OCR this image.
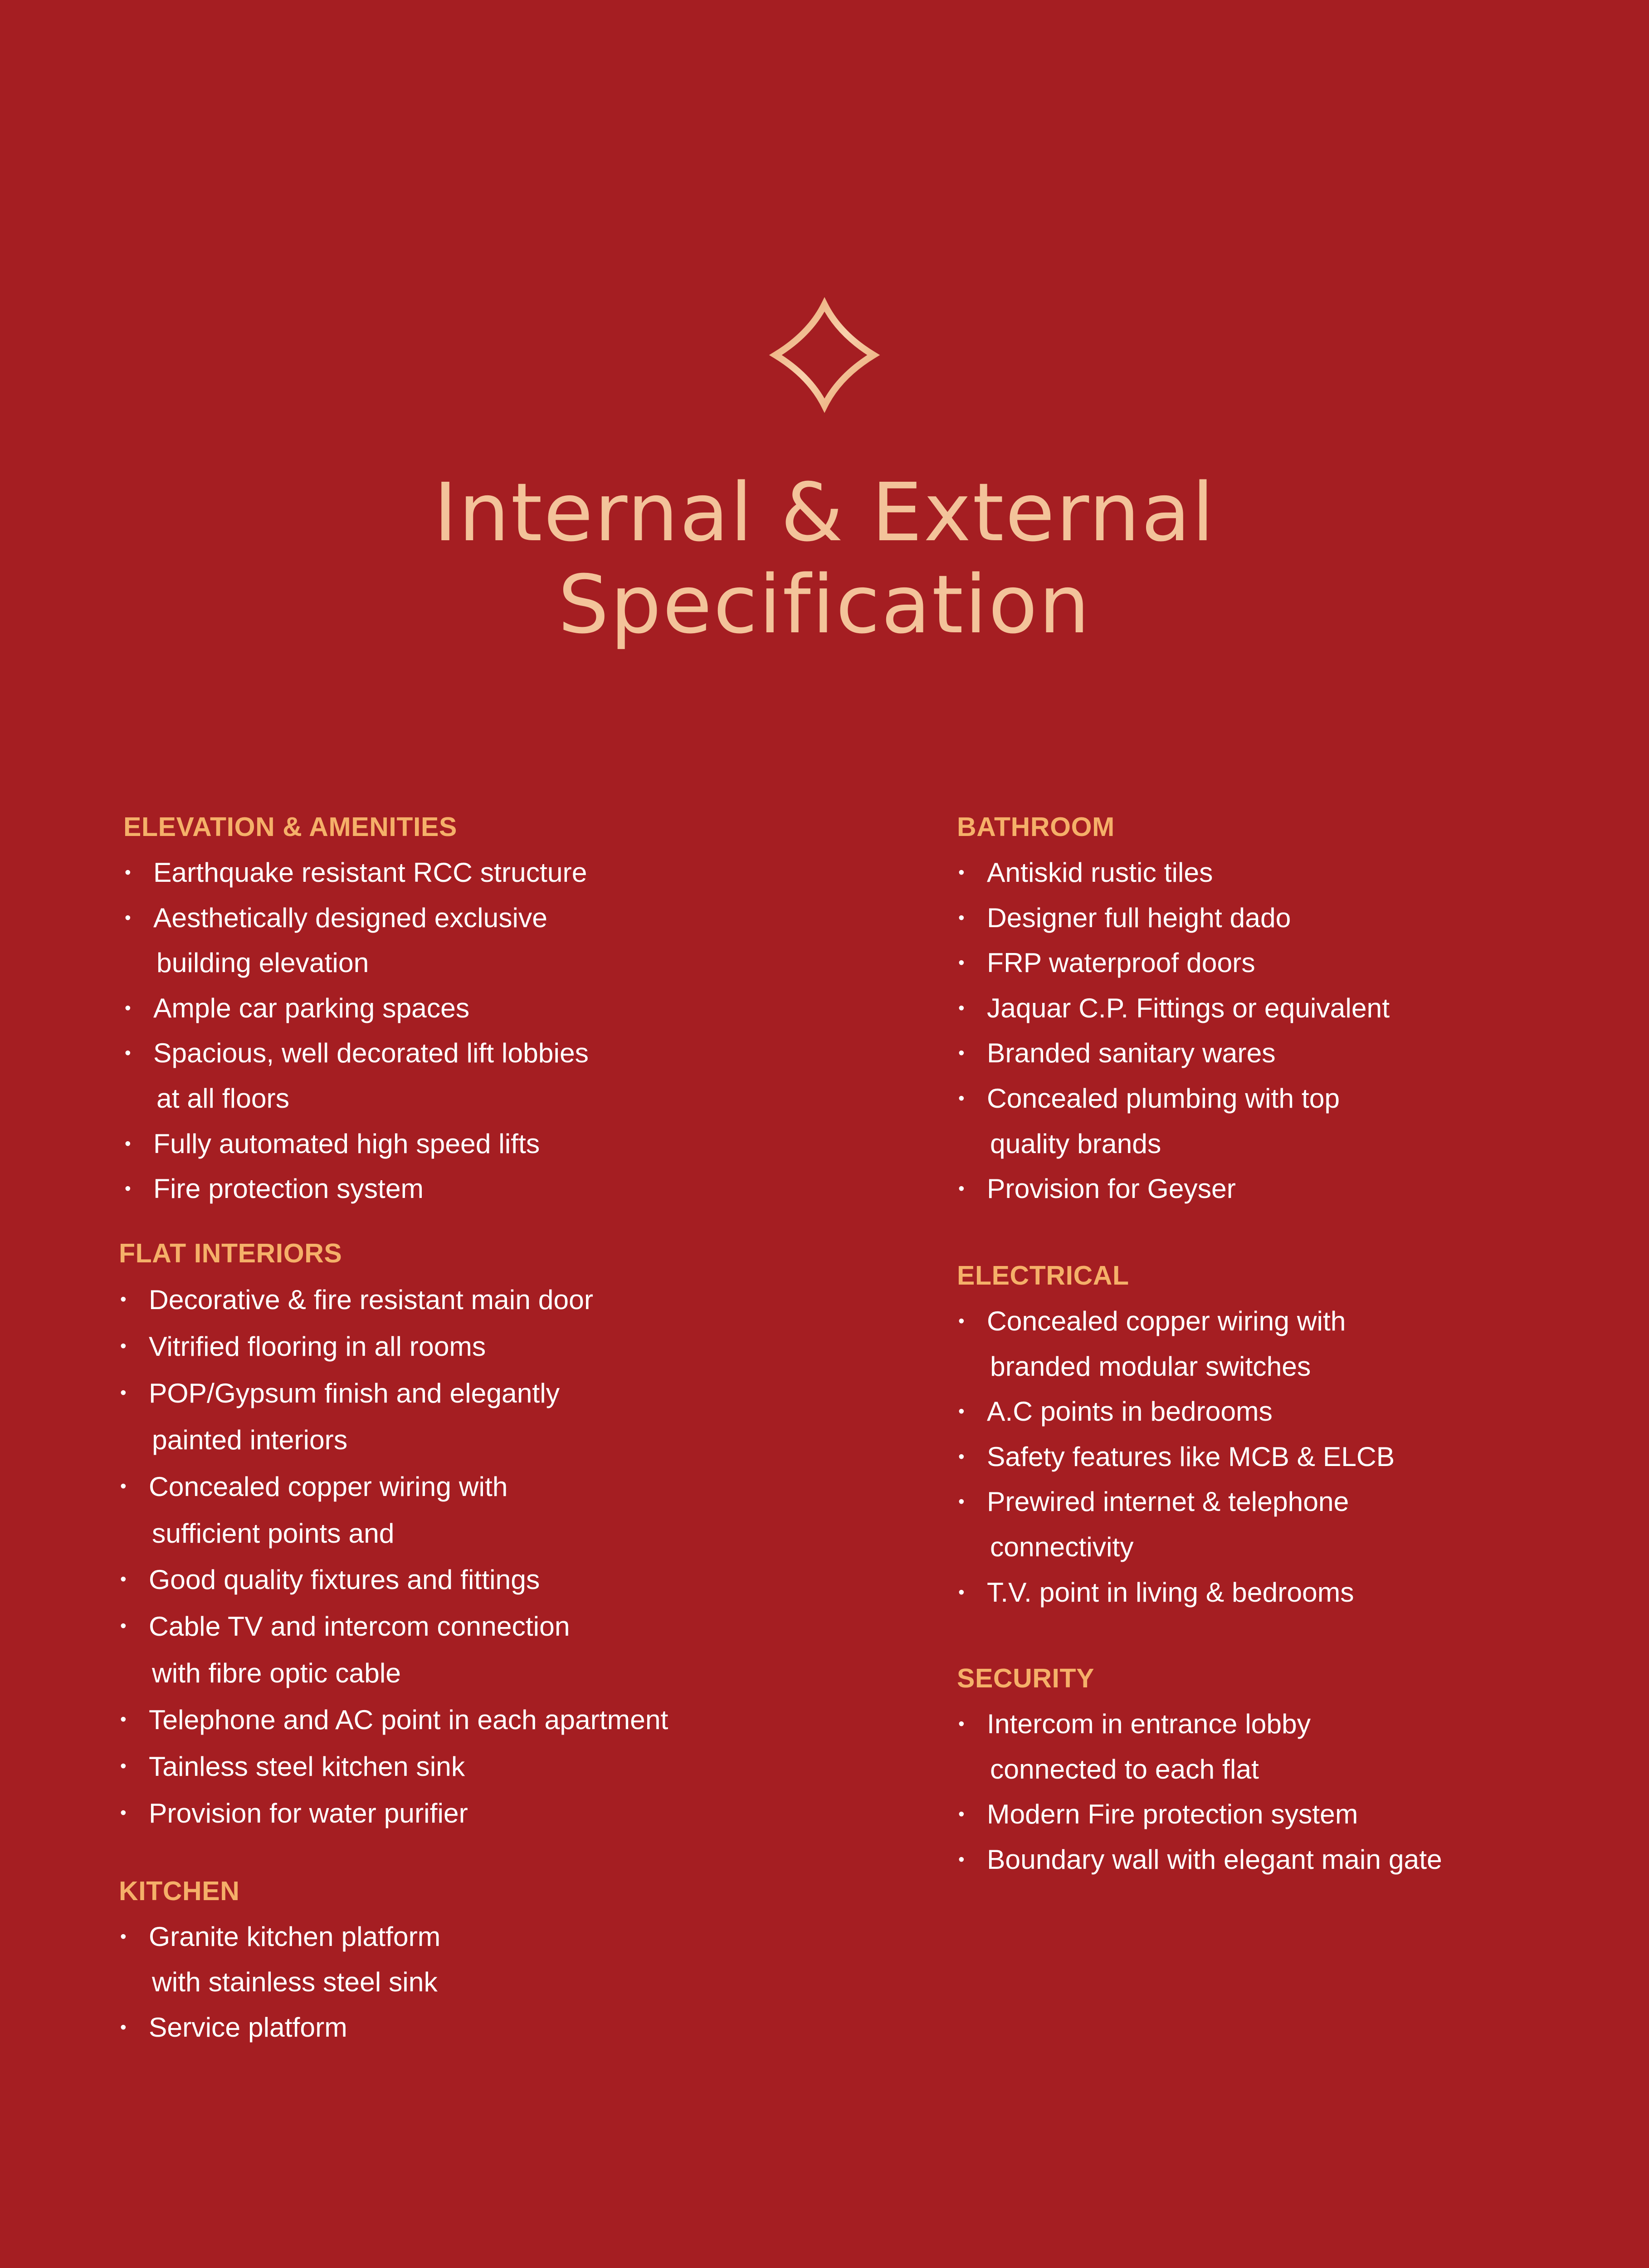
Internal & External
Specification
ELEVATION & AMENITIES
• Earthquake resistant RCC structure
• Aesthetically designed exclusive
building elevation
• Ample car parking spaces
• Spacious, well decorated lift lobbies
at all floors
• Fully automated high speed lifts
• Fire protection system
FLAT INTERIORS
• Decorative & fire resistant main door
• Vitrified flooring in all rooms
• POP/Gypsum finish and elegantly
painted interiors
• Concealed copper wiring with
sufficient points and
• Good quality fixtures and fittings
• Cable TV and intercom connection
with fibre optic cable
• Telephone and AC point in each apartment
• Tainless steel kitchen sink
• Provision for water purifier
KITCHEN
• Granite kitchen platform
with stainless steel sink
• Service platform
BATHROOM
• Antiskid rustic tiles
• Designer full height dado
• FRP waterproof doors
• Jaquar C.P. Fittings or equivalent
• Branded sanitary wares
• Concealed plumbing with top
quality brands
• Provision for Geyser
ELECTRICAL
• Concealed copper wiring with
branded modular switches
• A.C points in bedrooms
• Safety features like MCB & ELCB
• Prewired internet & telephone
connectivity
• T.V. point in living & bedrooms
SECURITY
• Intercom in entrance lobby
connected to each flat
• Modern Fire protection system
• Boundary wall with elegant main gate
